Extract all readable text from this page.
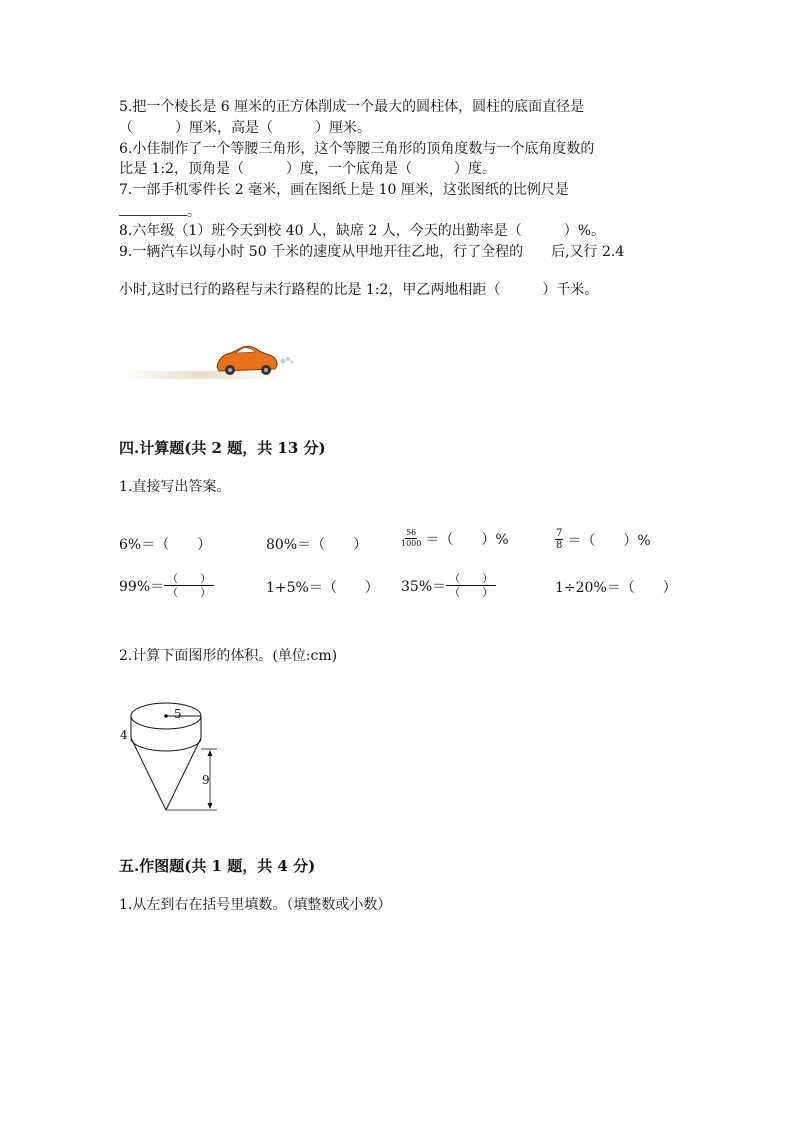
5.把一个棱长是 6 厘米的正方体削成一个最大的圆柱体，圆柱的底面直径是
（　　　）厘米，高是（　　　）厘米。
6.小佳制作了一个等腰三角形，这个等腰三角形的顶角度数与一个底角度数的
比是 1:2，顶角是（　　　）度，一个底角是（　　　）度。
7.一部手机零件长 2 毫米，画在图纸上是 10 厘米，这张图纸的比例尺是
。
8.六年级（1）班今天到校 40 人，缺席 2 人，今天的出勤率是（　　　）%。
9.一辆汽车以每小时 50 千米的速度从甲地开往乙地，行了全程的　　后,又行 2.4
小时,这时已行的路程与未行路程的比是 1:2，甲乙两地相距（　　　）千米。
四.计算题(共 2 题，共 13 分)
1.直接写出答案。
6%＝（　　）	80%＝（　　）	$\frac{56}{1000}$ ＝（　　）%	$\frac{7}{8}$ ＝（　　）%
$99\%= \frac{( )}{( )}$	1+5%＝（　　） $35\%= \frac{( )}{( )}$	1÷20%＝（　　）
2.计算下面图形的体积。(单位:cm)
5
4
9
五.作图题(共 1 题，共 4 分)
1.从左到右在括号里填数。（填整数或小数）
